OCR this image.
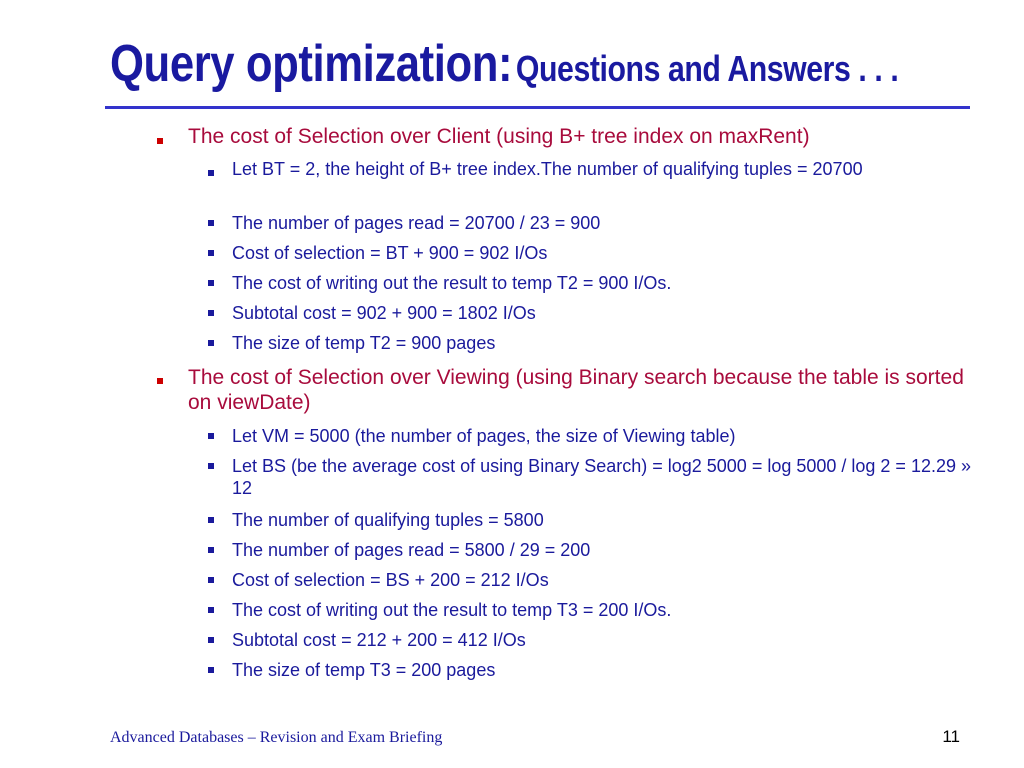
Query optimization: Questions and Answers . . .

The cost of Selection over Client (using B+ tree index on maxRent)

Let BT = 2, the height of B+ tree index.The number of qualifying tuples = 20700

The number of pages read = 20700 / 23 = 900

Cost of selection = BT + 900 = 902 I/Os

The cost of writing out the result to temp T2 = 900 I/Os.

Subtotal cost = 902 + 900 = 1802 I/Os

The size of temp T2 = 900 pages

The cost of Selection over Viewing (using Binary search because the table is sorted on viewDate)

Let VM = 5000 (the number of pages, the size of Viewing table)

Let BS (be the average cost of using Binary Search) = log2 5000 = log 5000 / log 2 = 12.29 » 12

The number of qualifying tuples = 5800

The number of pages read = 5800 / 29 = 200

Cost of selection = BS + 200 = 212 I/Os

The cost of writing out the result to temp T3 = 200 I/Os.

Subtotal cost = 212 + 200 = 412 I/Os

The size of temp T3 = 200 pages

Advanced Databases – Revision and Exam Briefing	11
